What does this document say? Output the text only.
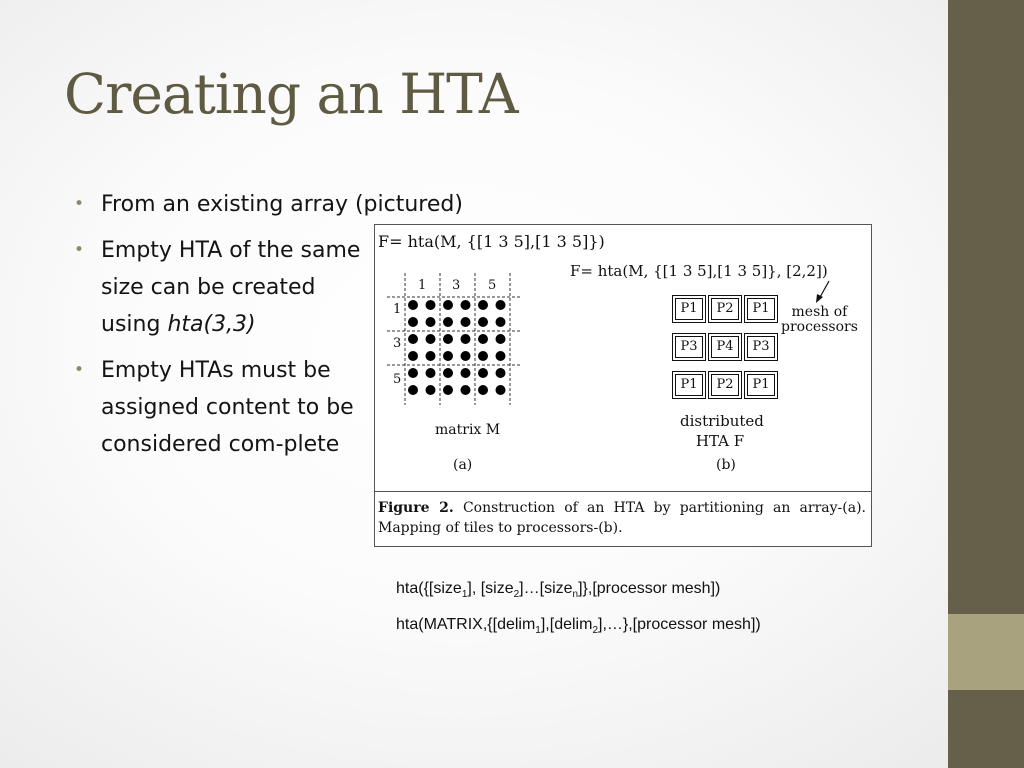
Creating an HTA
• From an existing array (pictured)
• Empty HTA of the same size can be created using hta(3,3)
• Empty HTAs must be assigned content to be considered com-plete
F= hta(M, {[1 3 5],[1 3 5]})
F= hta(M, {[1 3 5],[1 3 5]}, [2,2])
1 3 5
1
3
5
matrix M
(a)
P1	P2	P1
P3	P4	P3
P1	P2	P1
mesh of
processors
distributed
HTA F
(b)
Figure 2. Construction of an HTA by partitioning an array-(a). Mapping of tiles to processors-(b).
hta({[size$_1$], [size$_2$]…[size$_n$]},[processor mesh])
hta(MATRIX,{[delim$_1$],[delim$_2$],…},[processor mesh])
